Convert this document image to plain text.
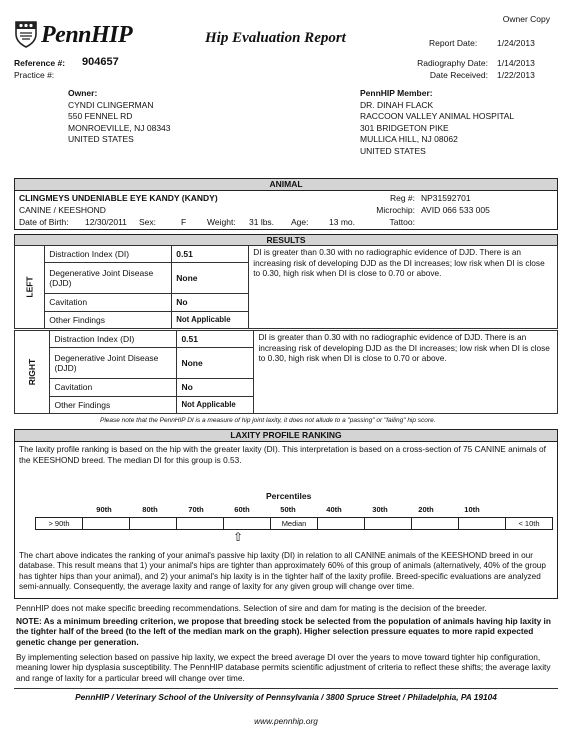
Owner Copy
PennHIP	Hip Evaluation Report	Report Date: 1/24/2013
Reference #: 904657
Practice #:
Radiography Date: 1/14/2013
Date Received: 1/22/2013
Owner:
CYNDI CLINGERMAN
550 FENNEL RD
MONROEVILLE, NJ 08343
UNITED STATES
PennHIP Member:
DR. DINAH FLACK
RACCOON VALLEY ANIMAL HOSPITAL
301 BRIDGETON PIKE
MULLICA HILL, NJ 08062
UNITED STATES
ANIMAL
CLINGMEYS UNDENIABLE EYE KANDY (KANDY)
CANINE / KEESHOND
Date of Birth: 12/30/2011 Sex:	F Weight: 31 lbs. Age: 13 mo.
Reg #: NP31592701
Microchip: AVID 066 533 005
Tattoo:
RESULTS
LEFT	Distraction Index (DI)	0.51	DI is greater than 0.30 with no radiographic evidence of DJD. There is an increasing risk of developing DJD as the DI increases; low risk when DI is close to 0.30, high risk when DI is close to 0.70 or above.
	Degenerative Joint Disease (DJD)	None	
	Cavitation	No	
	Other Findings	Not Applicable	
RIGHT	Distraction Index (DI)	0.51	DI is greater than 0.30 with no radiographic evidence of DJD. There is an increasing risk of developing DJD as the DI increases; low risk when DI is close to 0.30, high risk when DI is close to 0.70 or above.
	Degenerative Joint Disease (DJD)	None	
	Cavitation	No	
	Other Findings	Not Applicable	
Please note that the PennHIP DI is a measure of hip joint laxity, it does not allude to a "passing" or "failing" hip score.
LAXITY PROFILE RANKING
The laxity profile ranking is based on the hip with the greater laxity (DI). This interpretation is based on a cross-section of 75 CANINE animals of the KEESHOND breed. The median DI for this group is 0.53.
Percentiles
90th	80th	70th	60th	50th	40th	30th	20th	10th
> 90th					Median					< 10th
⇧
The chart above indicates the ranking of your animal's passive hip laxity (DI) in relation to all CANINE animals of the KEESHOND breed in our database. This result means that 1) your animal's hips are tighter than approximately 60% of this group of animals (alternatively, 40% of the group has tighter hips than your animal), and 2) your animal's hip laxity is in the tighter half of the laxity profile. Breed-specific evaluations are analyzed semi-annually. Consequently, the average laxity and range of laxity for any given group will change over time.
PennHIP does not make specific breeding recommendations. Selection of sire and dam for mating is the decision of the breeder.
NOTE: As a minimum breeding criterion, we propose that breeding stock be selected from the population of animals having hip laxity in the tighter half of the breed (to the left of the median mark on the graph). Higher selection pressure equates to more rapid expected genetic change per generation.
By implementing selection based on passive hip laxity, we expect the breed average DI over the years to move toward tighter hip configuration, meaning lower hip dysplasia susceptibility. The PennHIP database permits scientific adjustment of criteria to reflect these shifts; the average laxity and range of laxity for a particular breed will change over time.
PennHIP / Veterinary School of the University of Pennsylvania / 3800 Spruce Street / Philadelphia, PA 19104
www.pennhip.org
